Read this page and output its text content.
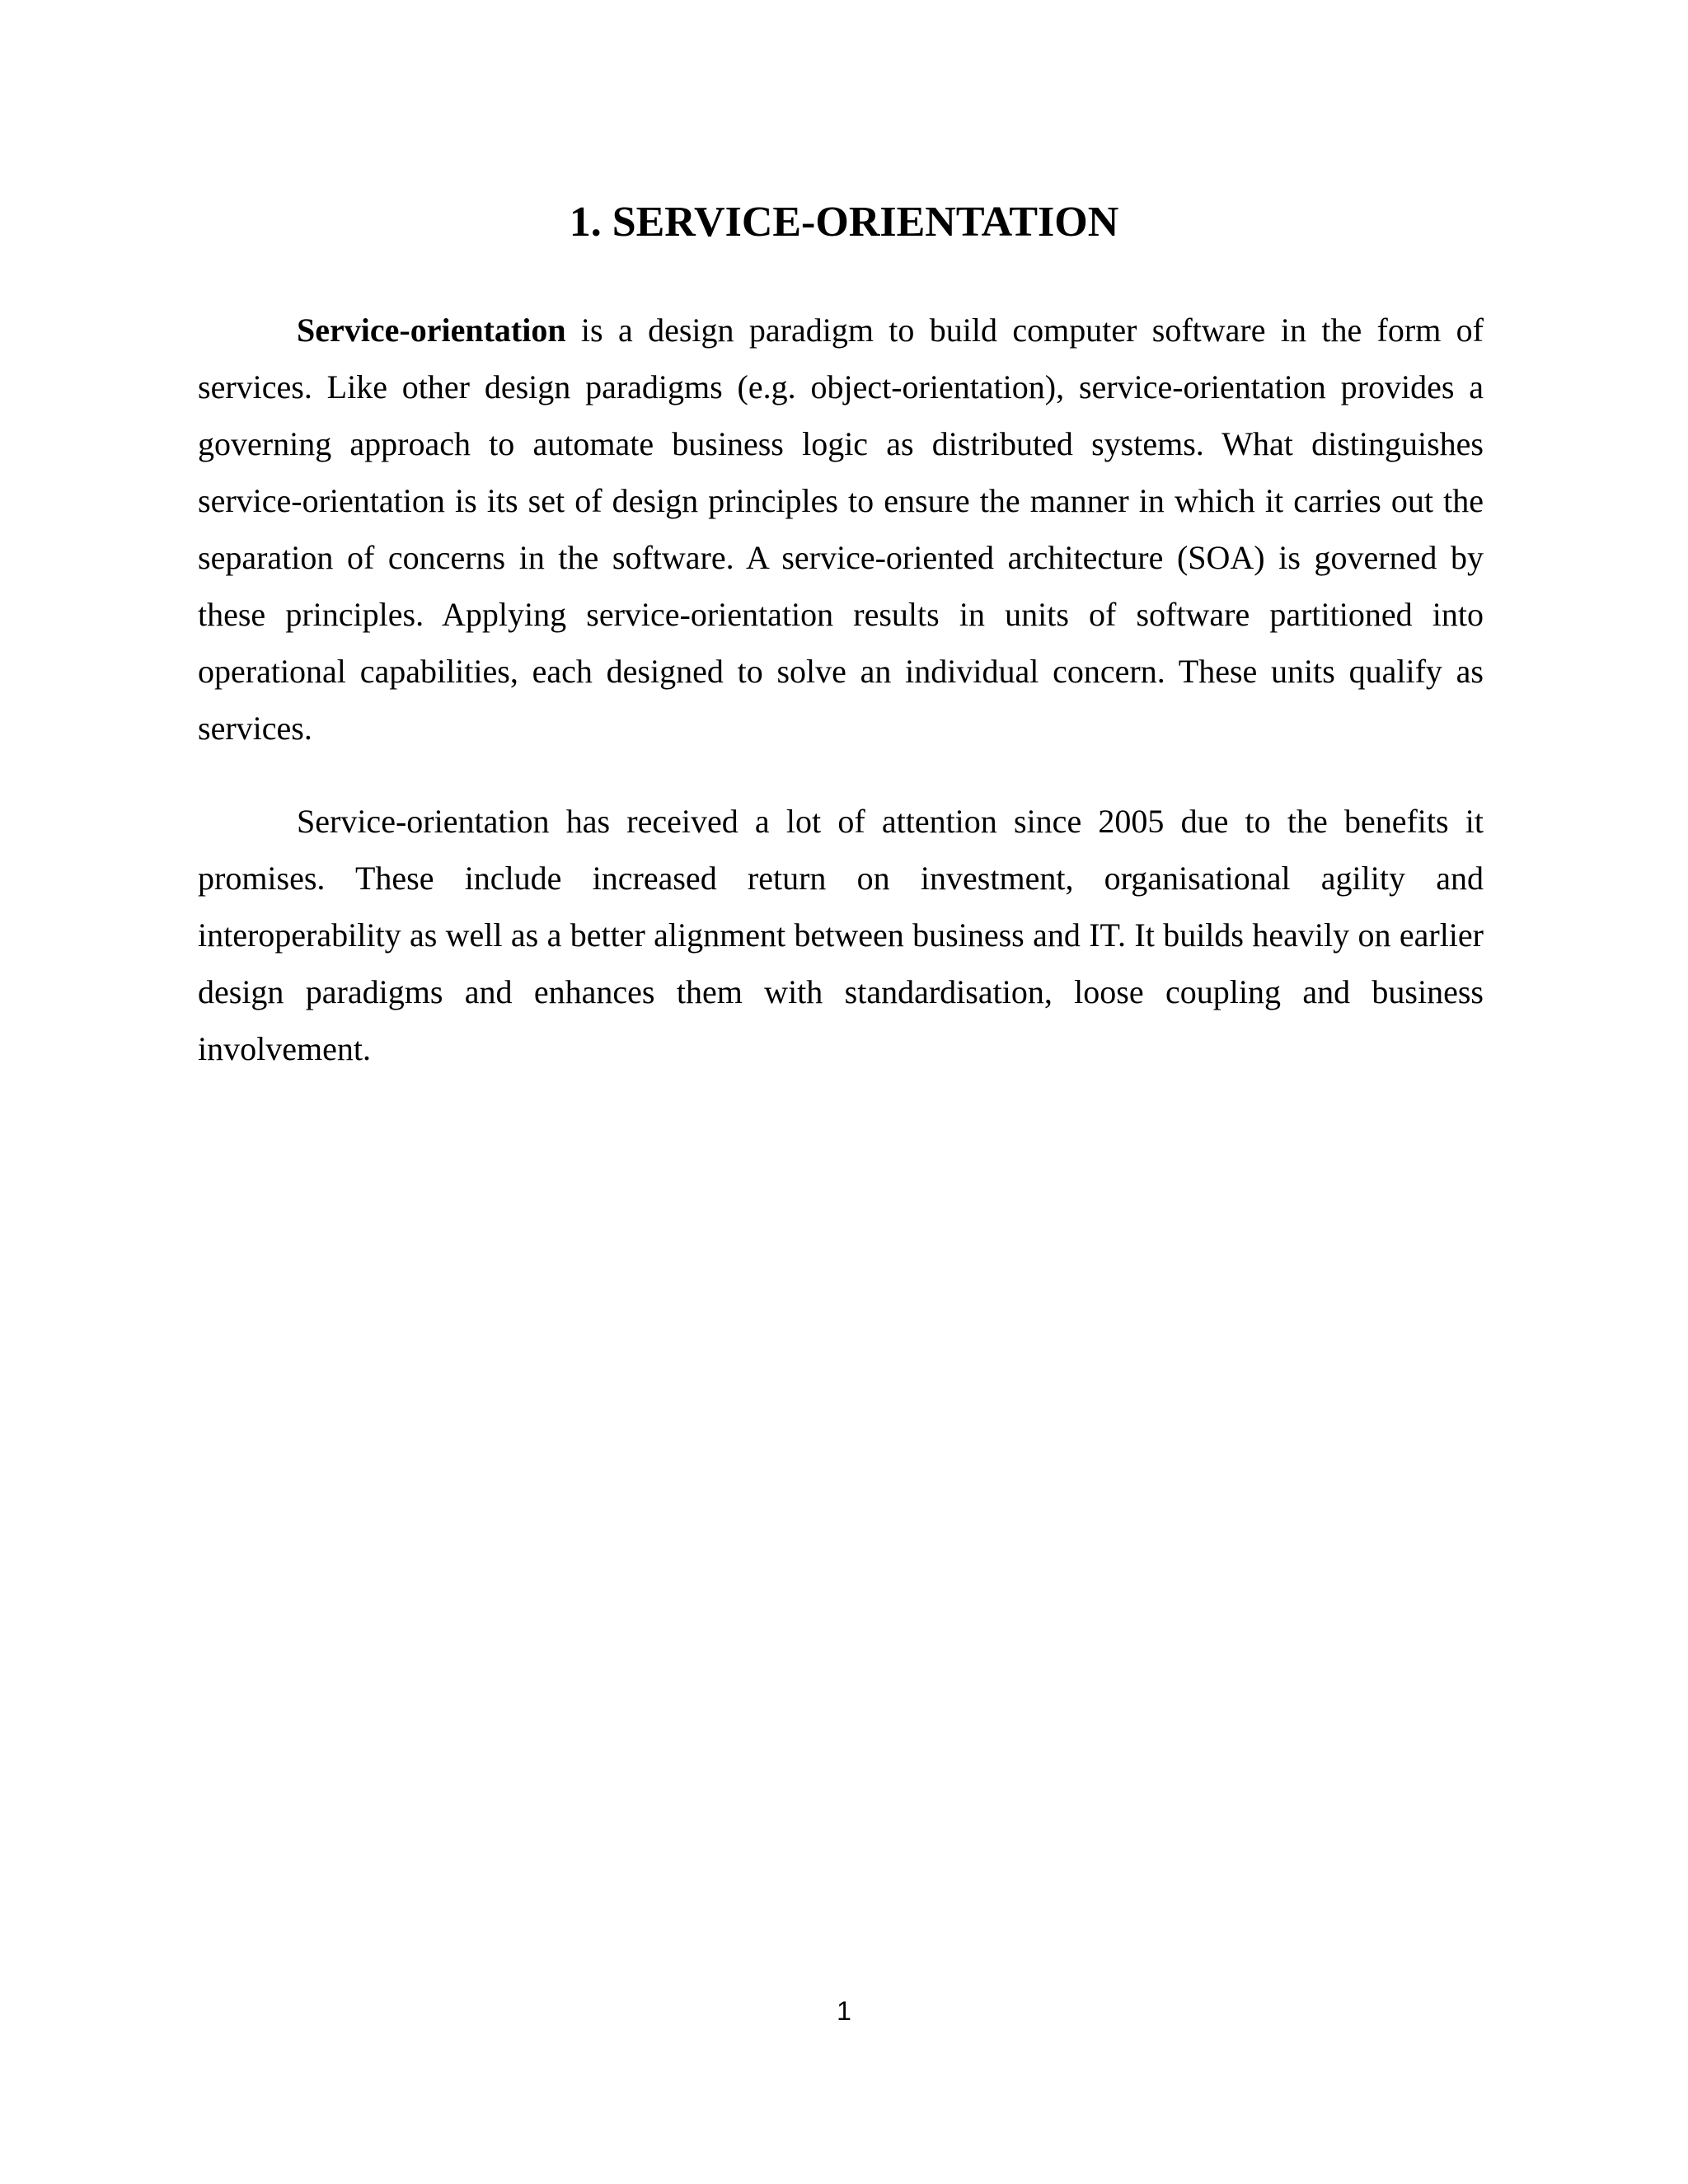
1. SERVICE-ORIENTATION

Service-orientation is a design paradigm to build computer software in the form of services. Like other design paradigms (e.g. object-orientation), service-orientation provides a governing approach to automate business logic as distributed systems. What distinguishes service-orientation is its set of design principles to ensure the manner in which it carries out the separation of concerns in the software. A service-oriented architecture (SOA) is governed by these principles. Applying service-orientation results in units of software partitioned into operational capabilities, each designed to solve an individual concern. These units qualify as services.

Service-orientation has received a lot of attention since 2005 due to the benefits it promises. These include increased return on investment, organisational agility and interoperability as well as a better alignment between business and IT. It builds heavily on earlier design paradigms and enhances them with standardisation, loose coupling and business involvement.

1
